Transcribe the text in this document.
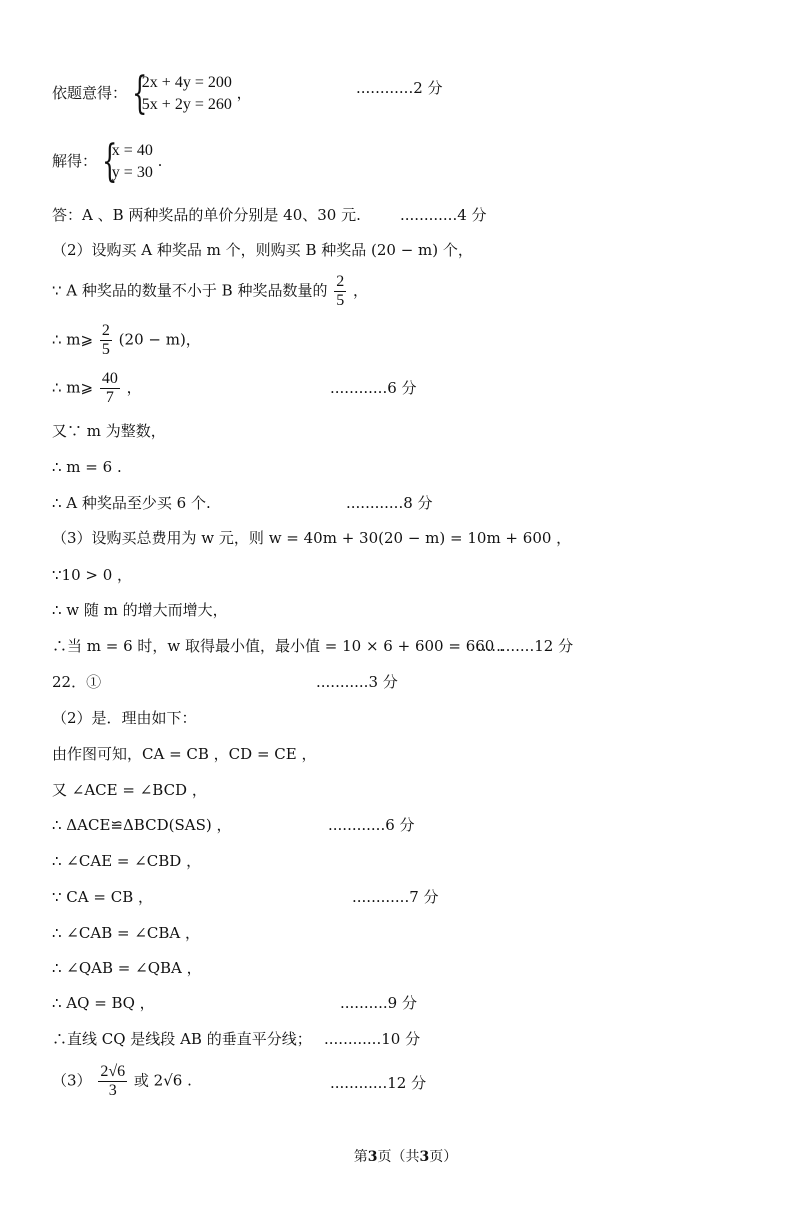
依题意得： {
2x + 4y = 200
5x + 2y = 260
，	............2 分
解得： {
x = 40
y = 30
.
答：A 、B 两种奖品的单价分别是 40、30 元.	............4 分
（2）设购买 A 种奖品 m 个，则购买 B 种奖品 (20 − m) 个，
∵ A 种奖品的数量不小于 B 种奖品数量的 $\frac{2}{5}$ ，
∴ m⩾ $\frac{2}{5} (20 - m)$，
∴ m⩾ $\frac{40}{7}$ ，	............6 分
又∵ m 为整数，
∴ m = 6 .
∴ A 种奖品至少买 6 个.	............8 分
（3）设购买总费用为 w 元，则 w = 40m + 30(20 − m) = 10m + 600 ，
∵10 > 0 ，
∴ w 随 m 的增大而增大，
∴当 m = 6 时，w 取得最小值，最小值 = 10 × 6 + 600 = 660 .
............12 分
22．①	...........3 分
（2）是．理由如下：
由作图可知，CA = CB ，CD = CE ，
又 ∠ACE = ∠BCD ，
∴ ΔACE≌ΔBCD(SAS) ，	............6 分
∴ ∠CAE = ∠CBD ，
∵ CA = CB ，	............7 分
∴ ∠CAB = ∠CBA ，
∴ ∠QAB = ∠QBA ，
∴ AQ = BQ ，	..........9 分
∴直线 CQ 是线段 AB 的垂直平分线； ............10 分
$(3) \frac{2√6}{3}$ 或 2√6 .	............12 分
第3页（共3页）
